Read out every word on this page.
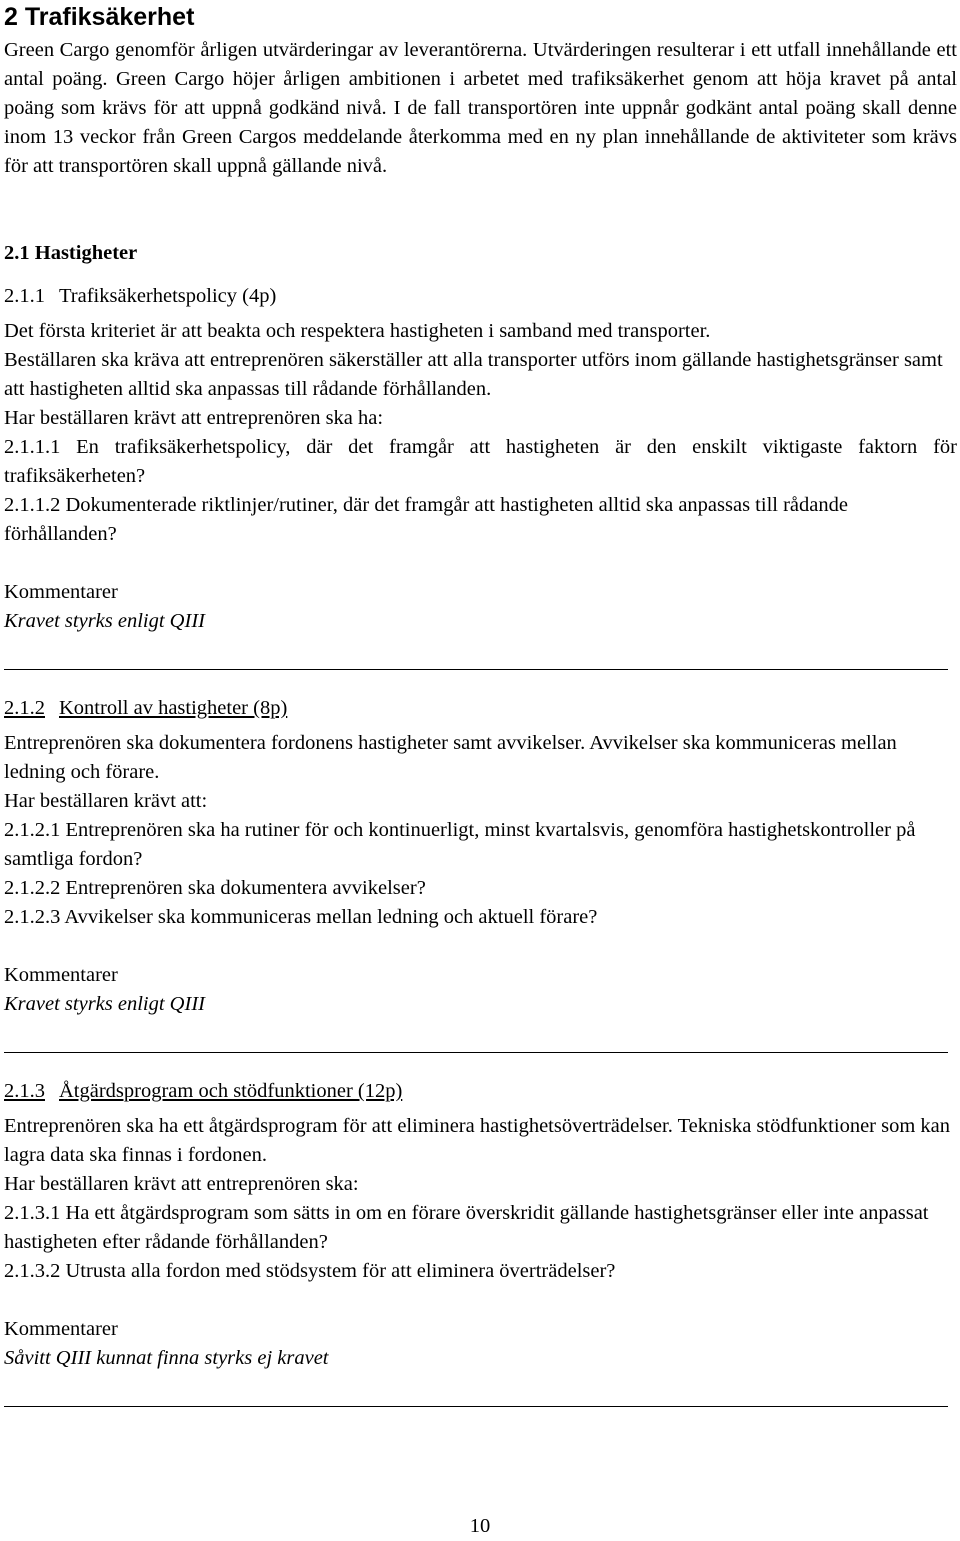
2 Trafiksäkerhet

Green Cargo genomför årligen utvärderingar av leverantörerna. Utvärderingen resulterar i ett utfall innehållande ett antal poäng. Green Cargo höjer årligen ambitionen i arbetet med trafiksäkerhet genom att höja kravet på antal poäng som krävs för att uppnå godkänd nivå. I de fall transportören inte uppnår godkänt antal poäng skall denne inom 13 veckor från Green Cargos meddelande återkomma med en ny plan innehållande de aktiviteter som krävs för att transportören skall uppnå gällande nivå.

2.1 Hastigheter
2.1.1 Trafiksäkerhetspolicy (4p)

Det första kriteriet är att beakta och respektera hastigheten i samband med transporter.

Beställaren ska kräva att entreprenören säkerställer att alla transporter utförs inom gällande hastighetsgränser samt att hastigheten alltid ska anpassas till rådande förhållanden.

Har beställaren krävt att entreprenören ska ha:

2.1.1.1 En trafiksäkerhetspolicy, där det framgår att hastigheten är den enskilt viktigaste faktorn för trafiksäkerheten?

2.1.1.2 Dokumenterade riktlinjer/rutiner, där det framgår att hastigheten alltid ska anpassas till rådande förhållanden?

Kommentarer

Kravet styrks enligt QIII

2.1.2 Kontroll av hastigheter (8p)

Entreprenören ska dokumentera fordonens hastigheter samt avvikelser. Avvikelser ska kommuniceras mellan ledning och förare.

Har beställaren krävt att:

2.1.2.1 Entreprenören ska ha rutiner för och kontinuerligt, minst kvartalsvis, genomföra hastighetskontroller på samtliga fordon?

2.1.2.2 Entreprenören ska dokumentera avvikelser?

2.1.2.3 Avvikelser ska kommuniceras mellan ledning och aktuell förare?

Kommentarer

Kravet styrks enligt QIII

2.1.3 Åtgärdsprogram och stödfunktioner (12p)

Entreprenören ska ha ett åtgärdsprogram för att eliminera hastighetsöverträdelser. Tekniska stödfunktioner som kan lagra data ska finnas i fordonen.

Har beställaren krävt att entreprenören ska:

2.1.3.1 Ha ett åtgärdsprogram som sätts in om en förare överskridit gällande hastighetsgränser eller inte anpassat hastigheten efter rådande förhållanden?

2.1.3.2 Utrusta alla fordon med stödsystem för att eliminera överträdelser?

Kommentarer

Såvitt QIII kunnat finna styrks ej kravet

10
